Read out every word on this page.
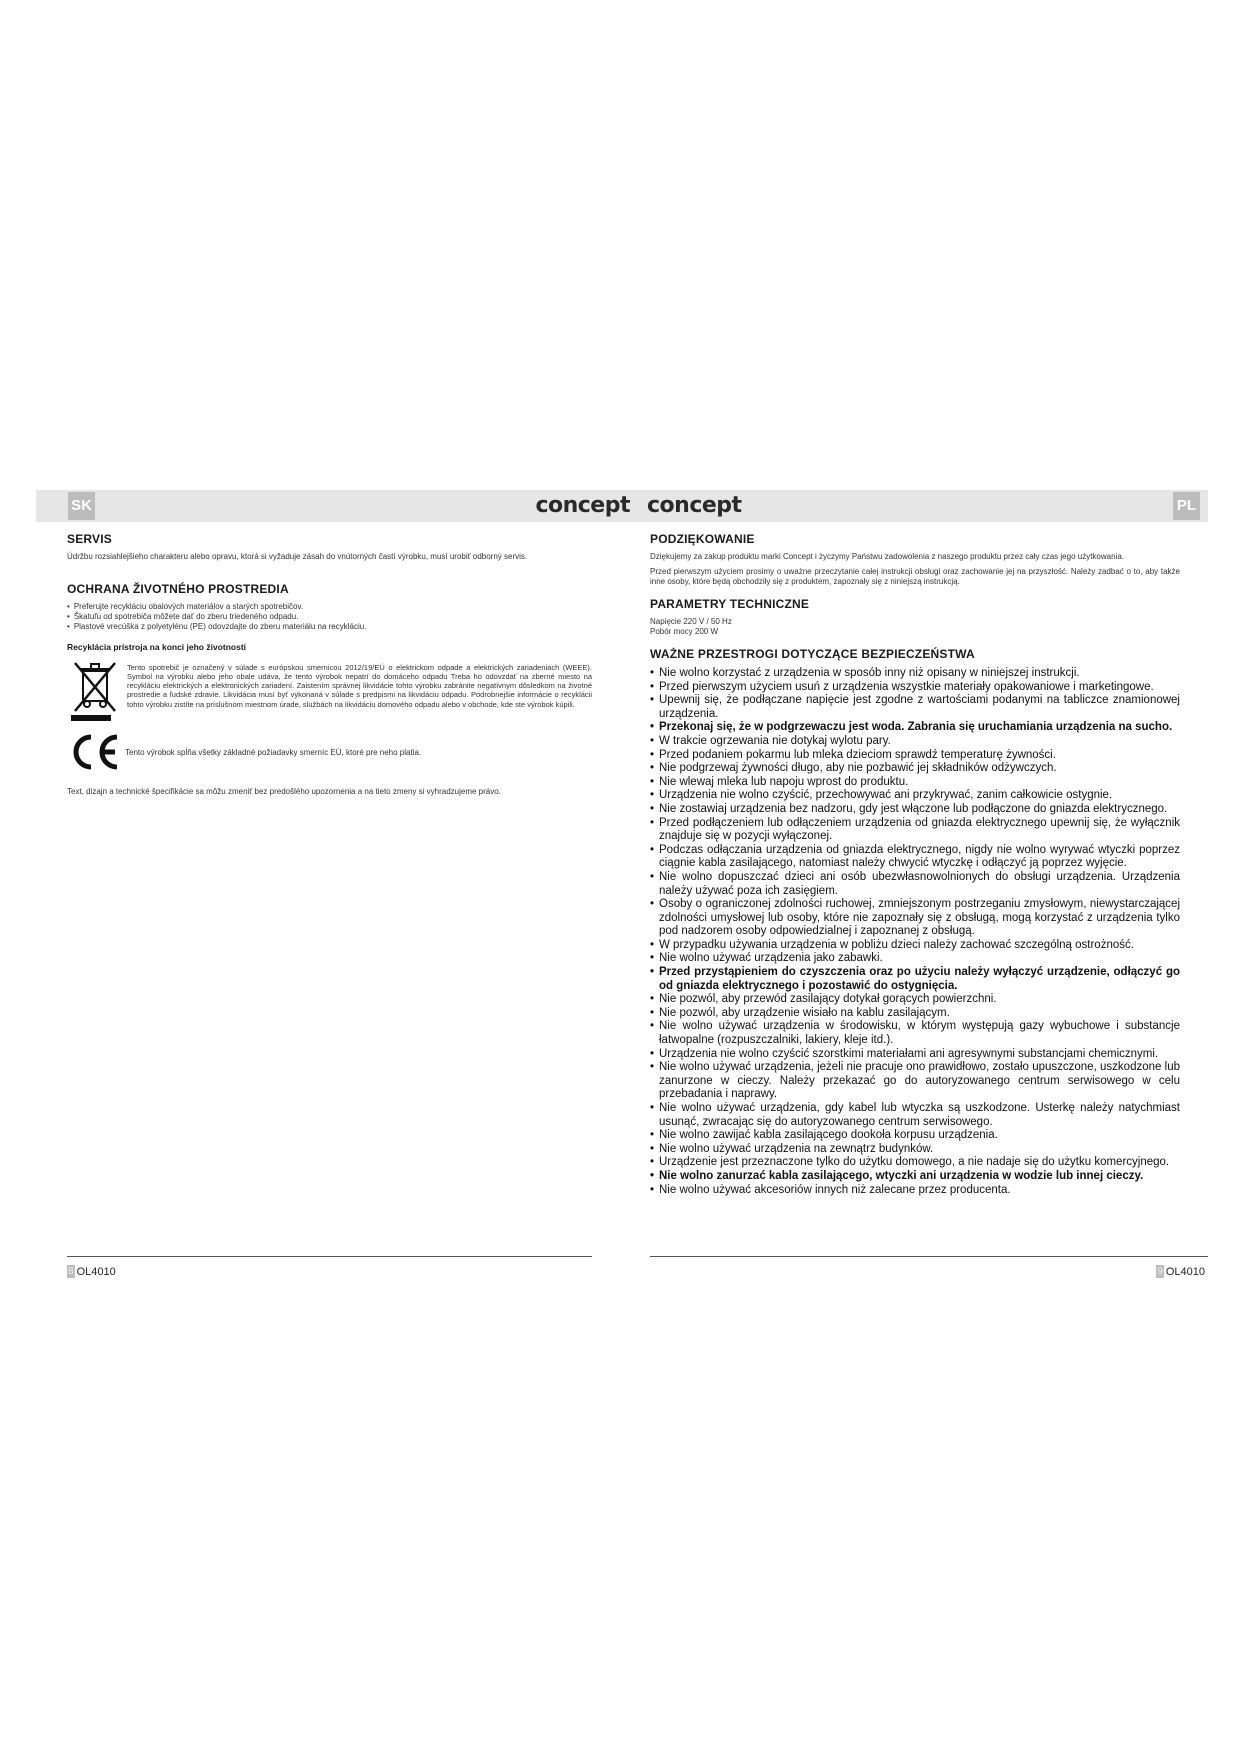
SK	concept
SERVIS

Údržbu rozsiahlejšieho charakteru alebo opravu, ktorá si vyžaduje zásah do vnútorných častí výrobku, musí urobiť odborný servis.

OCHRANA ŽIVOTNÉHO PROSTREDIA
• Preferujte recykláciu obalových materiálov a starých spotrebičov.
• Škatuľu od spotrebiča môžete dať do zberu triedeného odpadu.
• Plastové vrecúška z polyetylénu (PE) odovzdajte do zberu materiálu na recykláciu.

Recyklácia prístroja na konci jeho životnosti

Tento spotrebič je označený v súlade s európskou smernicou 2012/19/EÚ o elektrickom odpade a elektrických zariadeniach (WEEE). Symbol na výrobku alebo jeho obale udáva, že tento výrobok nepatrí do domáceho odpadu Treba ho odovzdať na zberné miesto na recykláciu elektrických a elektronických zariadení. Zaistením správnej likvidácie tohto výrobku zabránite negatívnym dôsledkom na životné prostredie a ľudské zdravie. Likvidácia musí byť vykonaná v súlade s predpismi na likvidáciu odpadu. Podrobnejšie informácie o recyklácii tohto výrobku zistíte na príslušnom miestnom úrade, službách na likvidáciu domového odpadu alebo v obchode, kde ste výrobok kúpili.

Tento výrobok spĺňa všetky základné požiadavky smerníc EÚ, ktoré pre neho platia.

Text, dizajn a technické špecifikácie sa môžu zmeniť bez predošlého upozornenia a na tieto zmeny si vyhradzujeme právo.

concept	PL
PODZIĘKOWANIE

Dziękujemy za zakup produktu marki Concept i życzymy Państwu zadowolenia z naszego produktu przez cały czas jego użytkowania.

Przed pierwszym użyciem prosimy o uważne przeczytanie całej instrukcji obsługi oraz zachowanie jej na przyszłość. Należy zadbać o to, aby także inne osoby, które będą obchodziły się z produktem, zapoznały się z niniejszą instrukcją.

PARAMETRY TECHNICZNE
Napięcie 220 V / 50 Hz
Pobór mocy 200 W
WAŻNE PRZESTROGI DOTYCZĄCE BEZPIECZEŃSTWA
• Nie wolno korzystać z urządzenia w sposób inny niż opisany w niniejszej instrukcji.
• Przed pierwszym użyciem usuń z urządzenia wszystkie materiały opakowaniowe i marketingowe.
• Upewnij się, że podłączane napięcie jest zgodne z wartościami podanymi na tabliczce znamionowej urządzenia.
• Przekonaj się, że w podgrzewaczu jest woda. Zabrania się uruchamiania urządzenia na sucho.
• W trakcie ogrzewania nie dotykaj wylotu pary.
• Przed podaniem pokarmu lub mleka dzieciom sprawdź temperaturę żywności.
• Nie podgrzewaj żywności długo, aby nie pozbawić jej składników odżywczych.
• Nie wlewaj mleka lub napoju wprost do produktu.
• Urządzenia nie wolno czyścić, przechowywać ani przykrywać, zanim całkowicie ostygnie.
• Nie zostawiaj urządzenia bez nadzoru, gdy jest włączone lub podłączone do gniazda elektrycznego.
• Przed podłączeniem lub odłączeniem urządzenia od gniazda elektrycznego upewnij się, że wyłącznik znajduje się w pozycji wyłączonej.
• Podczas odłączania urządzenia od gniazda elektrycznego, nigdy nie wolno wyrywać wtyczki poprzez ciągnie kabla zasilającego, natomiast należy chwycić wtyczkę i odłączyć ją poprzez wyjęcie.
• Nie wolno dopuszczać dzieci ani osób ubezwłasnowolnionych do obsługi urządzenia. Urządzenia należy używać poza ich zasięgiem.
• Osoby o ograniczonej zdolności ruchowej, zmniejszonym postrzeganiu zmysłowym, niewystarczającej zdolności umysłowej lub osoby, które nie zapoznały się z obsługą, mogą korzystać z urządzenia tylko pod nadzorem osoby odpowiedzialnej i zapoznanej z obsługą.
• W przypadku używania urządzenia w pobliżu dzieci należy zachować szczególną ostrożność.
• Nie wolno używać urządzenia jako zabawki.
• Przed przystąpieniem do czyszczenia oraz po użyciu należy wyłączyć urządzenie, odłączyć go od gniazda elektrycznego i pozostawić do ostygnięcia.
• Nie pozwól, aby przewód zasilający dotykał gorących powierzchni.
• Nie pozwól, aby urządzenie wisiało na kablu zasilającym.
• Nie wolno używać urządzenia w środowisku, w którym występują gazy wybuchowe i substancje łatwopalne (rozpuszczalniki, lakiery, kleje itd.).
• Urządzenia nie wolno czyścić szorstkimi materiałami ani agresywnymi substancjami chemicznymi.
• Nie wolno używać urządzenia, jeżeli nie pracuje ono prawidłowo, zostało upuszczone, uszkodzone lub zanurzone w cieczy. Należy przekazać go do autoryzowanego centrum serwisowego w celu przebadania i naprawy.
• Nie wolno używać urządzenia, gdy kabel lub wtyczka są uszkodzone. Usterkę należy natychmiast usunąć, zwracając się do autoryzowanego centrum serwisowego.
• Nie wolno zawijać kabla zasilającego dookoła korpusu urządzenia.
• Nie wolno używać urządzenia na zewnątrz budynków.
• Urządzenie jest przeznaczone tylko do użytku domowego, a nie nadaje się do użytku komercyjnego.
• Nie wolno zanurzać kabla zasilającego, wtyczki ani urządzenia w wodzie lub innej cieczy.
• Nie wolno używać akcesoriów innych niż zalecane przez producenta.
8 OL4010	9 OL4010
